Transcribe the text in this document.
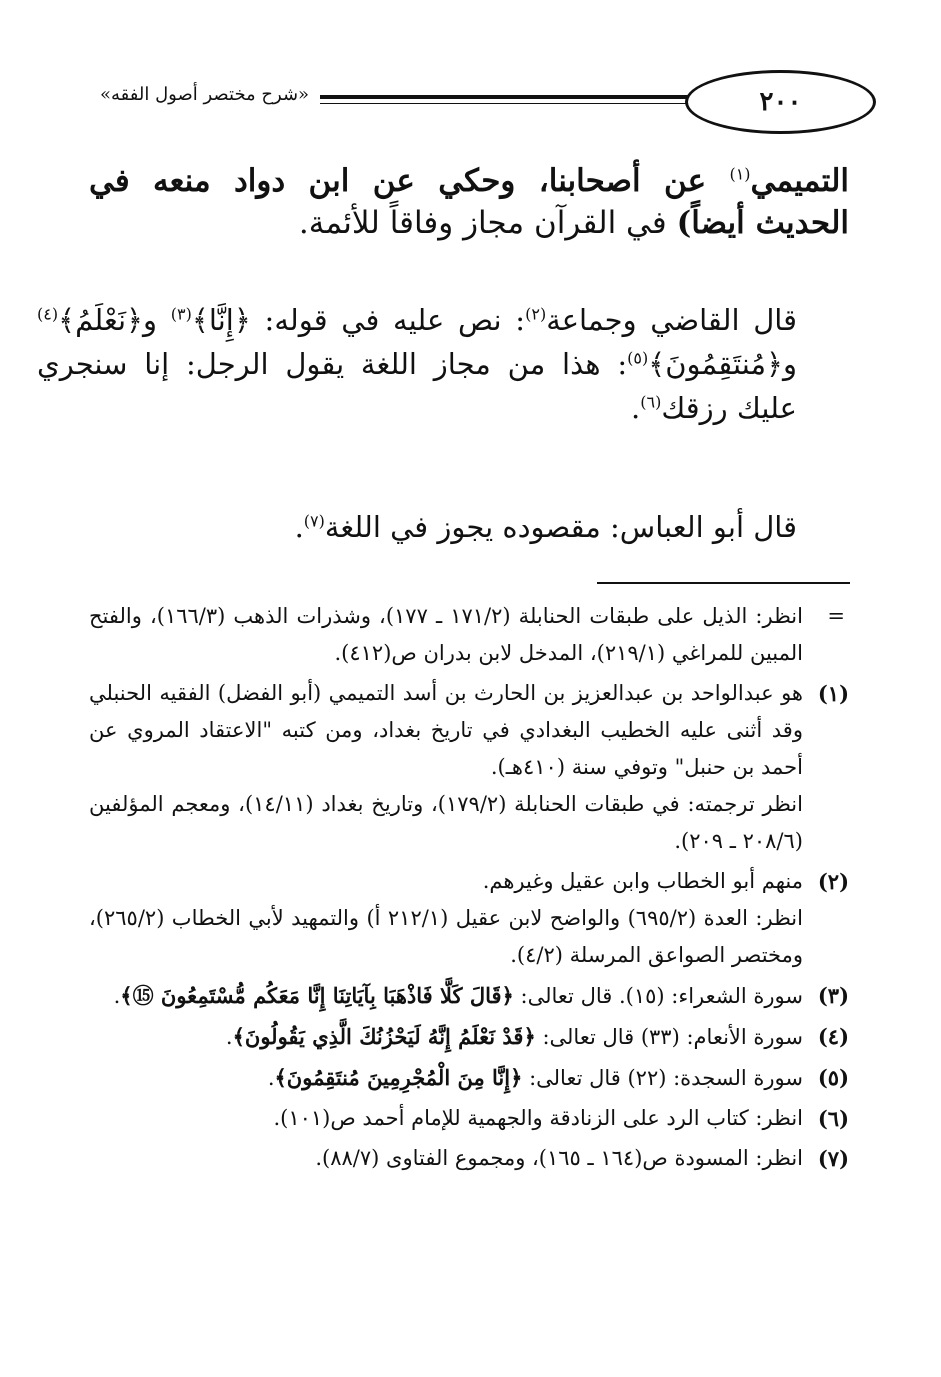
٢٠٠
«شرح مختصر أصول الفقه»
التميمي$^{(١)}$ عن أصحابنا، وحكي عن ابن دواد منعه في الحديث أيضاً) في القرآن مجاز وفاقاً للأئمة.
قال القاضي وجماعة$^{(٢)}$: نص عليه في قوله: ﴿إِنَّا﴾$^{(٣)}$ و﴿نَعْلَمُ﴾$^{(٤)}$ و﴿مُنتَقِمُونَ﴾$^{(٥)}$: هذا من مجاز اللغة يقول الرجل: إنا سنجري عليك رزقك$^{(٦)}$.
قال أبو العباس: مقصوده يجوز في اللغة$^{(٧)}$.
=

انظر: الذيل على طبقات الحنابلة (١٧١/٢ ـ ١٧٧)، وشذرات الذهب (١٦٦/٣)، والفتح المبين للمراغي (٢١٩/١)، المدخل لابن بدران ص(٤١٢).

(١)

هو عبدالواحد بن عبدالعزيز بن الحارث بن أسد التميمي (أبو الفضل) الفقيه الحنبلي وقد أثنى عليه الخطيب البغدادي في تاريخ بغداد، ومن كتبه "الاعتقاد المروي عن أحمد بن حنبل" وتوفي سنة (٤١٠هـ).

انظر ترجمته: في طبقات الحنابلة (١٧٩/٢)، وتاريخ بغداد (١٤/١١)، ومعجم المؤلفين (٢٠٨/٦ ـ ٢٠٩).

(٢)

منهم أبو الخطاب وابن عقيل وغيرهم.

انظر: العدة (٦٩٥/٢) والواضح لابن عقيل (٢١٢/١ أ) والتمهيد لأبي الخطاب (٢٦٥/٢)، ومختصر الصواعق المرسلة (٤/٢).

(٣)

سورة الشعراء: (١٥). قال تعالى: ﴿قَالَ كَلَّا فَاذْهَبَا بِآيَاتِنَا إِنَّا مَعَكُم مُّسْتَمِعُونَ ⑮﴾.

(٤)

سورة الأنعام: (٣٣) قال تعالى: ﴿قَدْ نَعْلَمُ إِنَّهُ لَيَحْزُنُكَ الَّذِي يَقُولُونَ﴾.

(٥)

سورة السجدة: (٢٢) قال تعالى: ﴿إِنَّا مِنَ الْمُجْرِمِينَ مُنتَقِمُونَ﴾.

(٦)

انظر: كتاب الرد على الزنادقة والجهمية للإمام أحمد ص(١٠١).

(٧)

انظر: المسودة ص(١٦٤ ـ ١٦٥)، ومجموع الفتاوى (٨٨/٧).
